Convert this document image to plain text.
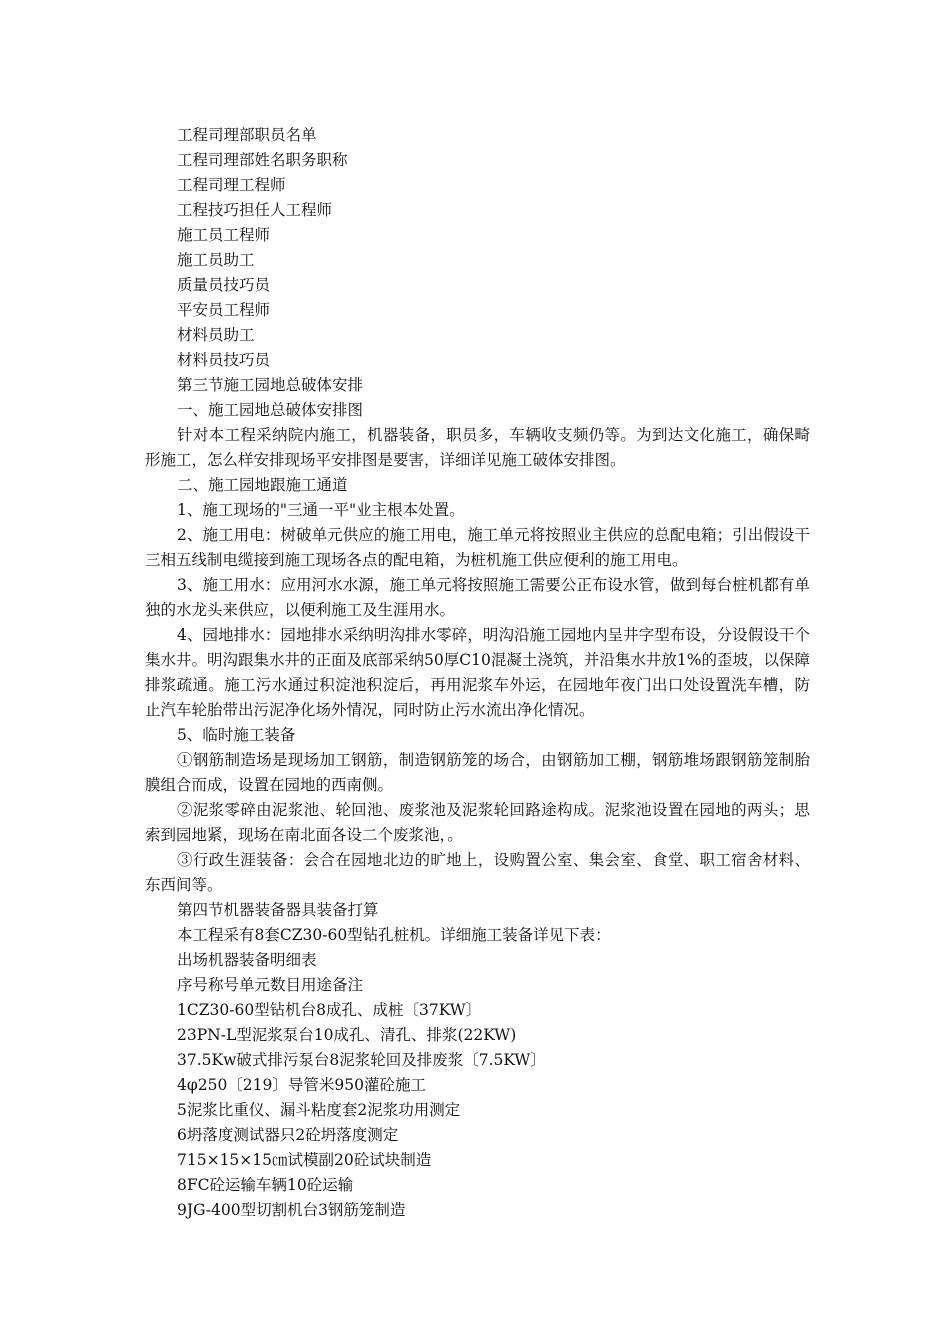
工程司理部职员名单

工程司理部姓名职务职称

工程司理工程师

工程技巧担任人工程师

施工员工程师

施工员助工

质量员技巧员

平安员工程师

材料员助工

材料员技巧员

第三节施工园地总破体安排

一、施工园地总破体安排图

针对本工程采纳院内施工，机器装备，职员多，车辆收支频仍等。为到达文化施工，确保畸形施工，怎么样安排现场平安排图是要害，详细详见施工破体安排图。

二、施工园地跟施工通道

1、施工现场的"三通一平"业主根本处置。

2、施工用电：树破单元供应的施工用电，施工单元将按照业主供应的总配电箱；引出假设干三相五线制电缆接到施工现场各点的配电箱，为桩机施工供应便利的施工用电。

3、施工用水：应用河水水源，施工单元将按照施工需要公正布设水管，做到每台桩机都有单独的水龙头来供应，以便利施工及生涯用水。

4、园地排水：园地排水采纳明沟排水零碎，明沟沿施工园地内呈井字型布设，分设假设干个集水井。明沟跟集水井的正面及底部采纳50厚C10混凝土浇筑，并沿集水井放1%的歪坡，以保障排浆疏通。施工污水通过积淀池积淀后，再用泥浆车外运，在园地年夜门出口处设置洗车槽，防止汽车轮胎带出污泥净化场外情况，同时防止污水流出净化情况。

5、临时施工装备

①钢筋制造场是现场加工钢筋，制造钢筋笼的场合，由钢筋加工棚，钢筋堆场跟钢筋笼制胎膜组合而成，设置在园地的西南侧。

②泥浆零碎由泥浆池、轮回池、废浆池及泥浆轮回路途构成。泥浆池设置在园地的两头；思索到园地紧，现场在南北面各设二个废浆池，。

③行政生涯装备：会合在园地北边的旷地上，设购置公室、集会室、食堂、职工宿舍材料、东西间等。

第四节机器装备器具装备打算

本工程采有8套CZ30-60型钻孔桩机。详细施工装备详见下表：

出场机器装备明细表

序号称号单元数目用途备注

1CZ30-60型钻机台8成孔、成桩〔37KW〕

23PN-L型泥浆泵台10成孔、清孔、排浆(22KW)

37.5Kw破式排污泵台8泥浆轮回及排废浆〔7.5KW〕

4φ250〔219〕导管米950灌砼施工

5泥浆比重仪、漏斗粘度套2泥浆功用测定

6坍落度测试器只2砼坍落度测定

715×15×15㎝试模副20砼试块制造

8FC砼运输车辆10砼运输

9JG-400型切割机台3钢筋笼制造
